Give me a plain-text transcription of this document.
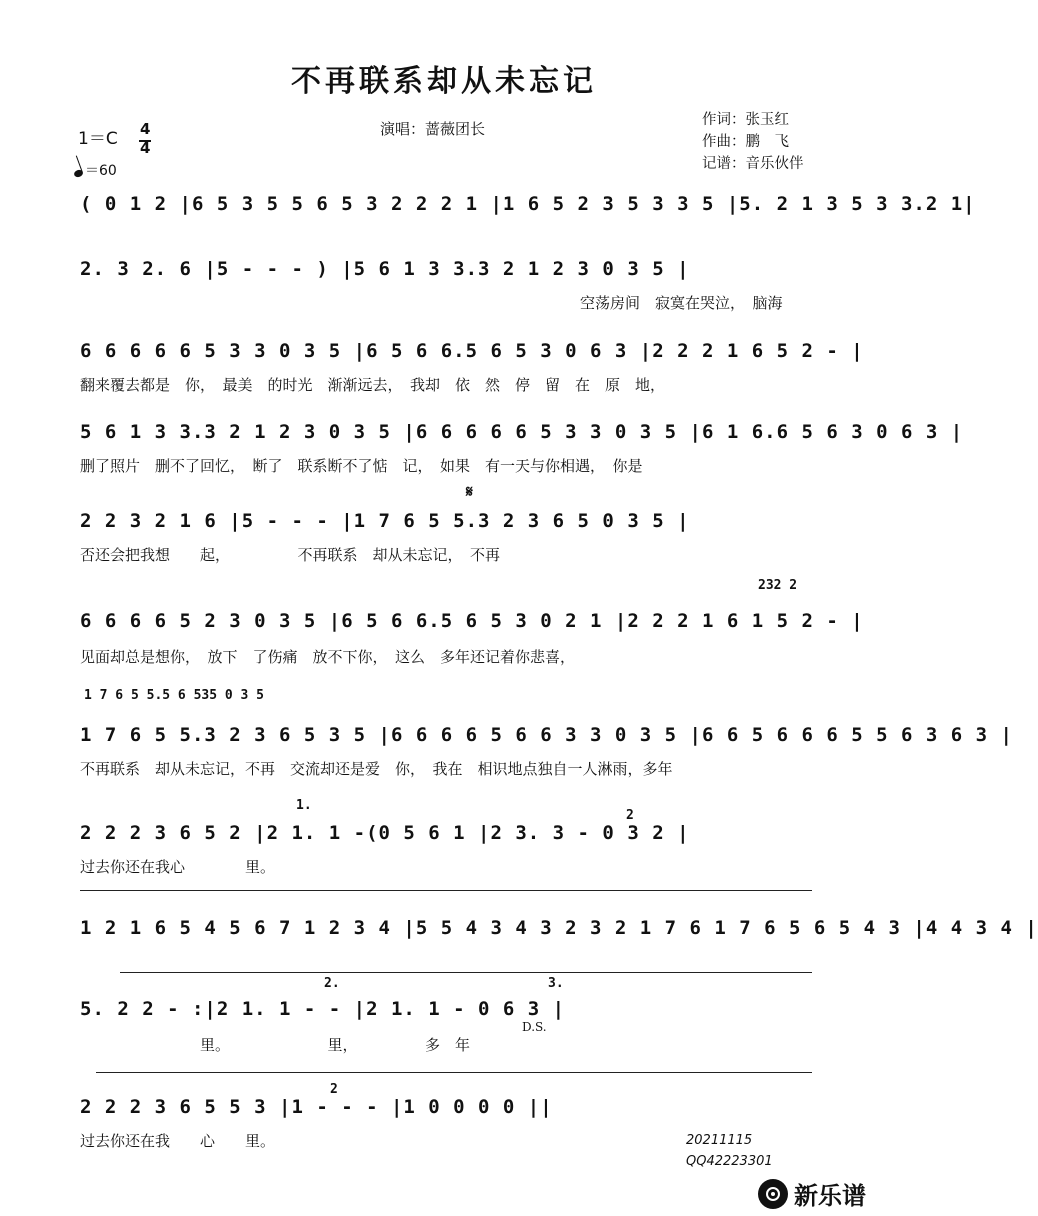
不再联系却从未忘记
演唱：蔷薇团长	作词：张玉红
作曲：鹏　飞
记谱：音乐伙伴
1＝C 4
4
＝60
( 0 1 2 |6 5 3 5 5 6 5 3 2 2 2 1 |1 6 5 2 3 5 3 3 5 |5. 2 1 3 5 3 3.2 1|
2. 3 2. 6 |5 - - - ) |5 6 1 3 3.3 2 1 2 3 0 3 5 |
空荡房间　寂寞在哭泣，　脑海
6 6 6 6 6 5 3 3 0 3 5 |6 5 6 6.5 6 5 3 0 6 3 |2 2 2 1 6 5 2 - |
翻来覆去都是　你，　最美　的时光　渐渐远去，　我却　依　然　停　留　在　原　地，
5 6 1 3 3.3 2 1 2 3 0 3 5 |6 6 6 6 6 5 3 3 0 3 5 |6 1 6.6 5 6 3 0 6 3 |
删了照片　删不了回忆，　断了　联系断不了惦　记，　如果　有一天与你相遇，　你是
𝄋
2 2 3 2 1 6 |5 - - - |1 7 6 5 5.3 2 3 6 5 0 3 5 |
否还会把我想　　起，　　　　　不再联系　却从未忘记，　不再
232 2
6 6 6 6 5 2 3 0 3 5 |6 5 6 6.5 6 5 3 0 2 1 |2 2 2 1 6 1 5 2 - |
见面却总是想你，　放下　了伤痛　放不下你，　这么　多年还记着你悲喜，
1 7 6 5 5.5 6 535 0 3 5
1 7 6 5 5.3 2 3 6 5 3 5 |6 6 6 6 5 6 6 3 3 0 3 5 |6 6 5 6 6 6 5 5 6 3 6 3 |
不再联系　却从未忘记，不再　交流却还是爱　你，　我在　相识地点独自一人淋雨，多年
1.
2
2 2 2 3 6 5 2 |2 1. 1 -(0 5 6 1 |2 3. 3 - 0 3 2 |
过去你还在我心　　　　里。
1 2 1 6 5 4 5 6 7 1 2 3 4 |5 5 4 3 4 3 2 3 2 1 7 6 1 7 6 5 6 5 4 3 |4 4 3 4 |
2.	3.
5. 2 2 - :|2 1. 1 - - |2 1. 1 - 0 6 3 |
D.S.
　　　　　　　　里。　　　　　　　里，　　　　　多　年
2
2 2 2 3 6 5 5 3 |1 - - - |1 0 0 0 0 ||
过去你还在我　　心　　里。	20211115
QQ42223301
新乐谱
